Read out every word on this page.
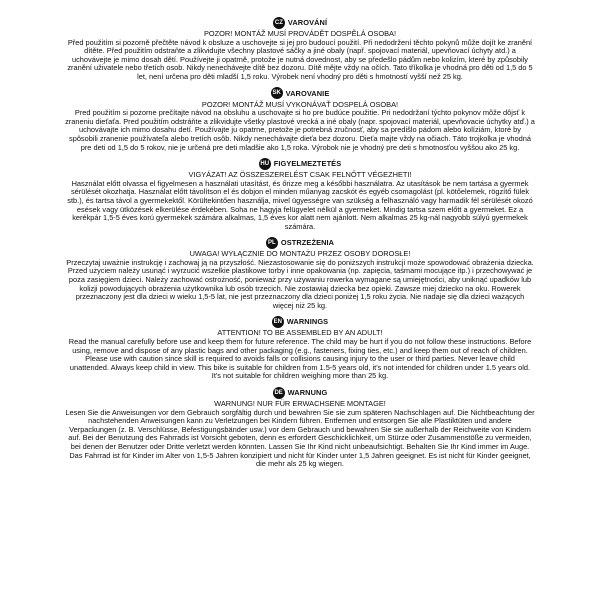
CZ VAROVÁNÍ
POZOR! MONTÁŽ MUSÍ PROVÁDĚT DOSPĚLÁ OSOBA!
Před použitím si pozorně přečtěte návod k obsluze a uschovejte si jej pro budoucí použití. Při nedodržení těchto pokynů může dojít ke zranění dítěte. Před použitím odstraňte a zlikvidujte všechny plastové sáčky a jiné obaly (např. spojovací materiál, upevňovací úchyty atd.) a uchovávejte je mimo dosah dětí. Používejte ji opatrně, protože je nutná dovednost, aby se předešlo pádům nebo kolizím, které by způsobily zranění uživatele nebo třetích osob. Nikdy nenechávejte dítě bez dozoru. Dítě mějte vždy na očích. Tato tříkolka je vhodná pro děti od 1,5 do 5 let, není určena pro děti mladší 1,5 roku. Výrobek není vhodný pro děti s hmotností vyšší než 25 kg.
SK VAROVANIE
POZOR! MONTÁŽ MUSÍ VYKONÁVAŤ DOSPELÁ OSOBA!
Pred použitím si pozorne prečítajte návod na obsluhu a uschovajte si ho pre budúce použitie. Pri nedodržaní týchto pokynov môže dôjsť k zraneniu dieťaťa. Pred použitím odstráňte a zlikvidujte všetky plastové vrecká a iné obaly (napr. spojovací materiál, upevňovacie úchytky atď.) a uchovávajte ich mimo dosahu detí. Používajte ju opatrne, pretože je potrebná zručnosť, aby sa predišlo pádom alebo kolíziám, ktoré by spôsobili zranenie používateľa alebo tretích osôb. Nikdy nenechávajte dieťa bez dozoru. Dieťa majte vždy na očiach. Táto trojkolka je vhodná pre deti od 1,5 do 5 rokov, nie je určená pre deti mladšie ako 1,5 roka. Výrobok nie je vhodný pre deti s hmotnosťou vyššou ako 25 kg.
HU FIGYELMEZTETÉS
VIGYÁZAT! AZ ÖSSZESZERELÉST CSAK FELNŐTT VÉGEZHETI!
Használat előtt olvassa el figyelmesen a használati utasítást, és őrizze meg a későbbi használatra. Az utasítások be nem tartása a gyermek sérülését okozhatja. Használat előtt távolítson el és dobjon el minden műanyag zacskót és egyéb csomagolást (pl. kötőelemek, rögzítő fülek stb.), és tartsa távol a gyermekektől. Körültekintően használja, mivel ügyességre van szükség a felhasználó vagy harmadik fél sérülését okozó esések vagy ütközések elkerülése érdekében. Soha ne hagyja felügyelet nélkül a gyermeket. Mindig tartsa szem előtt a gyermeket. Ez a kerékpár 1,5-5 éves korú gyermekek számára alkalmas, 1,5 éves kor alatt nem ajánlott. Nem alkalmas 25 kg-nál nagyobb súlyú gyermekek számára.
PL OSTRZEŻENIA
UWAGA! WYŁĄCZNIE DO MONTAŻU PRZEZ OSOBY DOROSŁE!
Przeczytaj uważnie instrukcję i zachowaj ją na przyszłość. Niezastosowanie się do poniższych instrukcji może spowodować obrażenia dziecka. Przed użyciem należy usunąć i wyrzucić wszelkie plastikowe torby i inne opakowania (np. zapięcia, taśmami mocujące itp.) i przechowywać je poza zasięgiem dzieci. Należy zachować ostrożność, ponieważ przy używaniu rowerka wymagane są umiejętności, aby uniknąć upadków lub kolizji powodujących obrażenia użytkownika lub osób trzecich. Nie zostawiaj dziecka bez opieki. Zawsze miej dziecko na oku. Rowerek przeznaczony jest dla dzieci w wieku 1,5-5 lat, nie jest przeznaczony dla dzieci poniżej 1,5 roku życia. Nie nadaje się dla dzieci ważących więcej niż 25 kg.
EN WARNINGS
ATTENTION! TO BE ASSEMBLED BY AN ADULT!
Read the manual carefully before use and keep them for future reference. The child may be hurt if you do not follow these instructions. Before using, remove and dispose of any plastic bags and other packaging (e.g., fasteners, fixing ties, etc.) and keep them out of reach of children. Please use with caution since skill is required to avoids falls or collisions causing injury to the user or third parties. Never leave child unattended. Always keep child in view. This bike is suitable for children from 1.5-5 years old, it's not intended for children under 1.5 years old. It's not suitable for children weighing more than 25 kg.
DE WARNUNG
WARNUNG! NUR FÜR ERWACHSENE MONTAGE!
Lesen Sie die Anweisungen vor dem Gebrauch sorgfältig durch und bewahren Sie sie zum späteren Nachschlagen auf. Die Nichtbeachtung der nachstehenden Anweisungen kann zu Verletzungen bei Kindern führen. Entfernen und entsorgen Sie alle Plastiktüten und andere Verpackungen (z. B. Verschlüsse, Befestigungsbänder usw.) vor dem Gebrauch und bewahren Sie sie außerhalb der Reichweite von Kindern auf. Bei der Benutzung des Fahrrads ist Vorsicht geboten, denn es erfordert Geschicklichkeit, um Stürze oder Zusammenstöße zu vermeiden, bei denen der Benutzer oder Dritte verletzt werden könnten. Lassen Sie Ihr Kind nicht unbeaufsichtigt. Behalten Sie Ihr Kind immer im Auge. Das Fahrrad ist für Kinder im Alter von 1,5-5 Jahren konzipiert und nicht für Kinder unter 1,5 Jahren geeignet. Es ist nicht für Kinder geeignet, die mehr als 25 kg wiegen.
